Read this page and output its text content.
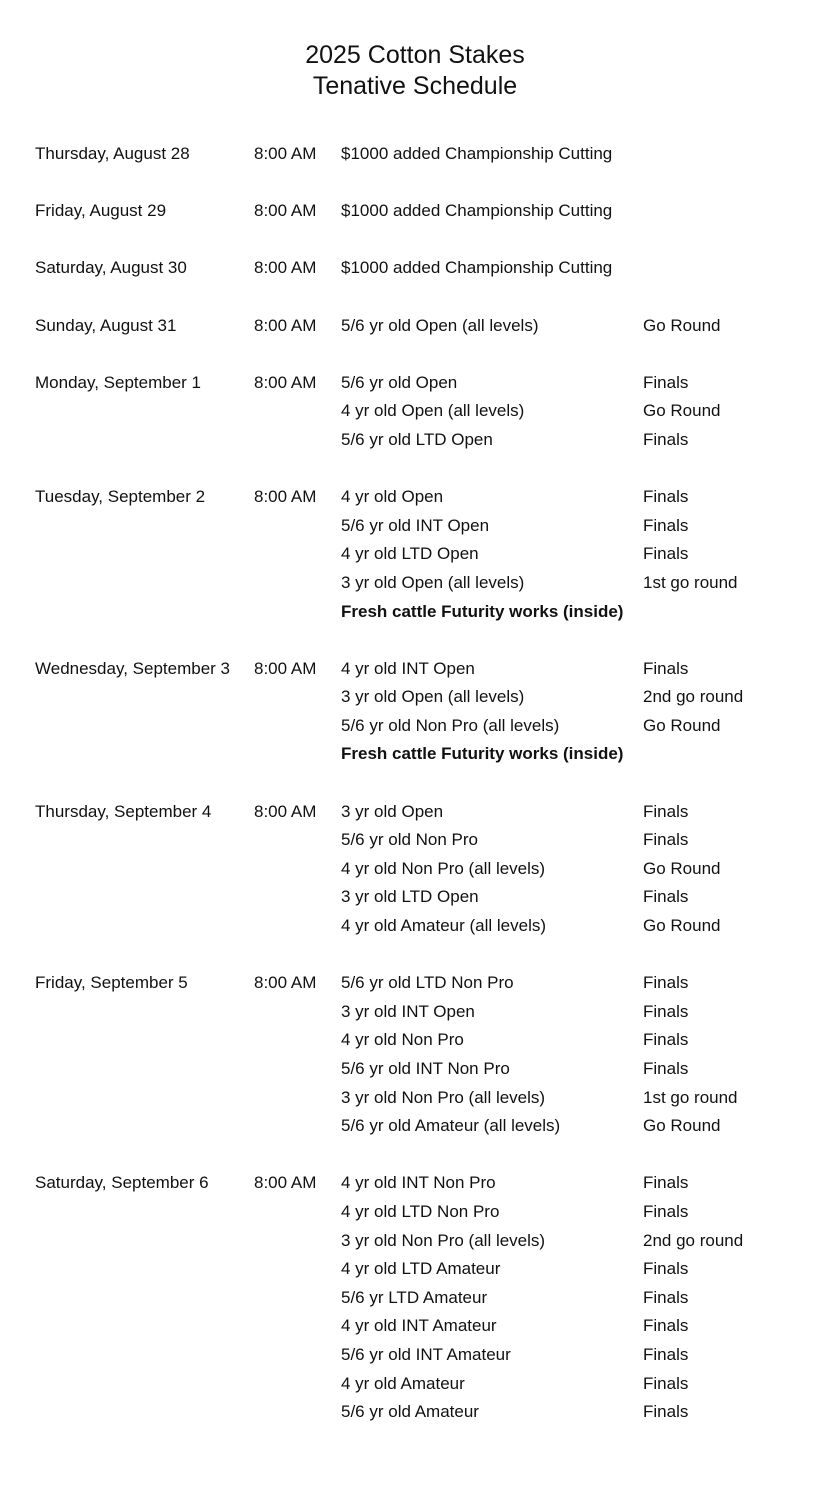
2025 Cotton Stakes
Tenative Schedule
Thursday, August 28	8:00 AM $1000 added Championship Cutting
Friday, August 29	8:00 AM $1000 added Championship Cutting
Saturday, August 30	8:00 AM $1000 added Championship Cutting
Sunday, August 31	8:00 AM 5/6 yr old Open (all levels)	Go Round
Monday, September 1	8:00 AM 5/6 yr old Open	Finals
4 yr old Open (all levels)	Go Round
5/6 yr old LTD Open	Finals
Tuesday, September 2	8:00 AM 4 yr old Open	Finals
5/6 yr old INT Open	Finals
4 yr old LTD Open	Finals
3 yr old Open (all levels)	1st go round
Fresh cattle Futurity works (inside)
Wednesday, September 3 8:00 AM 4 yr old INT Open	Finals
3 yr old Open (all levels)	2nd go round
5/6 yr old Non Pro (all levels)	Go Round
Fresh cattle Futurity works (inside)
Thursday, September 4	8:00 AM 3 yr old Open	Finals
5/6 yr old Non Pro	Finals
4 yr old Non Pro (all levels)	Go Round
3 yr old LTD Open	Finals
4 yr old Amateur (all levels)	Go Round
Friday, September 5	8:00 AM 5/6 yr old LTD Non Pro	Finals
3 yr old INT Open	Finals
4 yr old Non Pro	Finals
5/6 yr old INT Non Pro	Finals
3 yr old Non Pro (all levels)	1st go round
5/6 yr old Amateur (all levels)	Go Round
Saturday, September 6	8:00 AM 4 yr old INT Non Pro	Finals
4 yr old LTD Non Pro	Finals
3 yr old Non Pro (all levels)	2nd go round
4 yr old LTD Amateur	Finals
5/6 yr LTD Amateur	Finals
4 yr old INT Amateur	Finals
5/6 yr old INT Amateur	Finals
4 yr old Amateur	Finals
5/6 yr old Amateur	Finals
